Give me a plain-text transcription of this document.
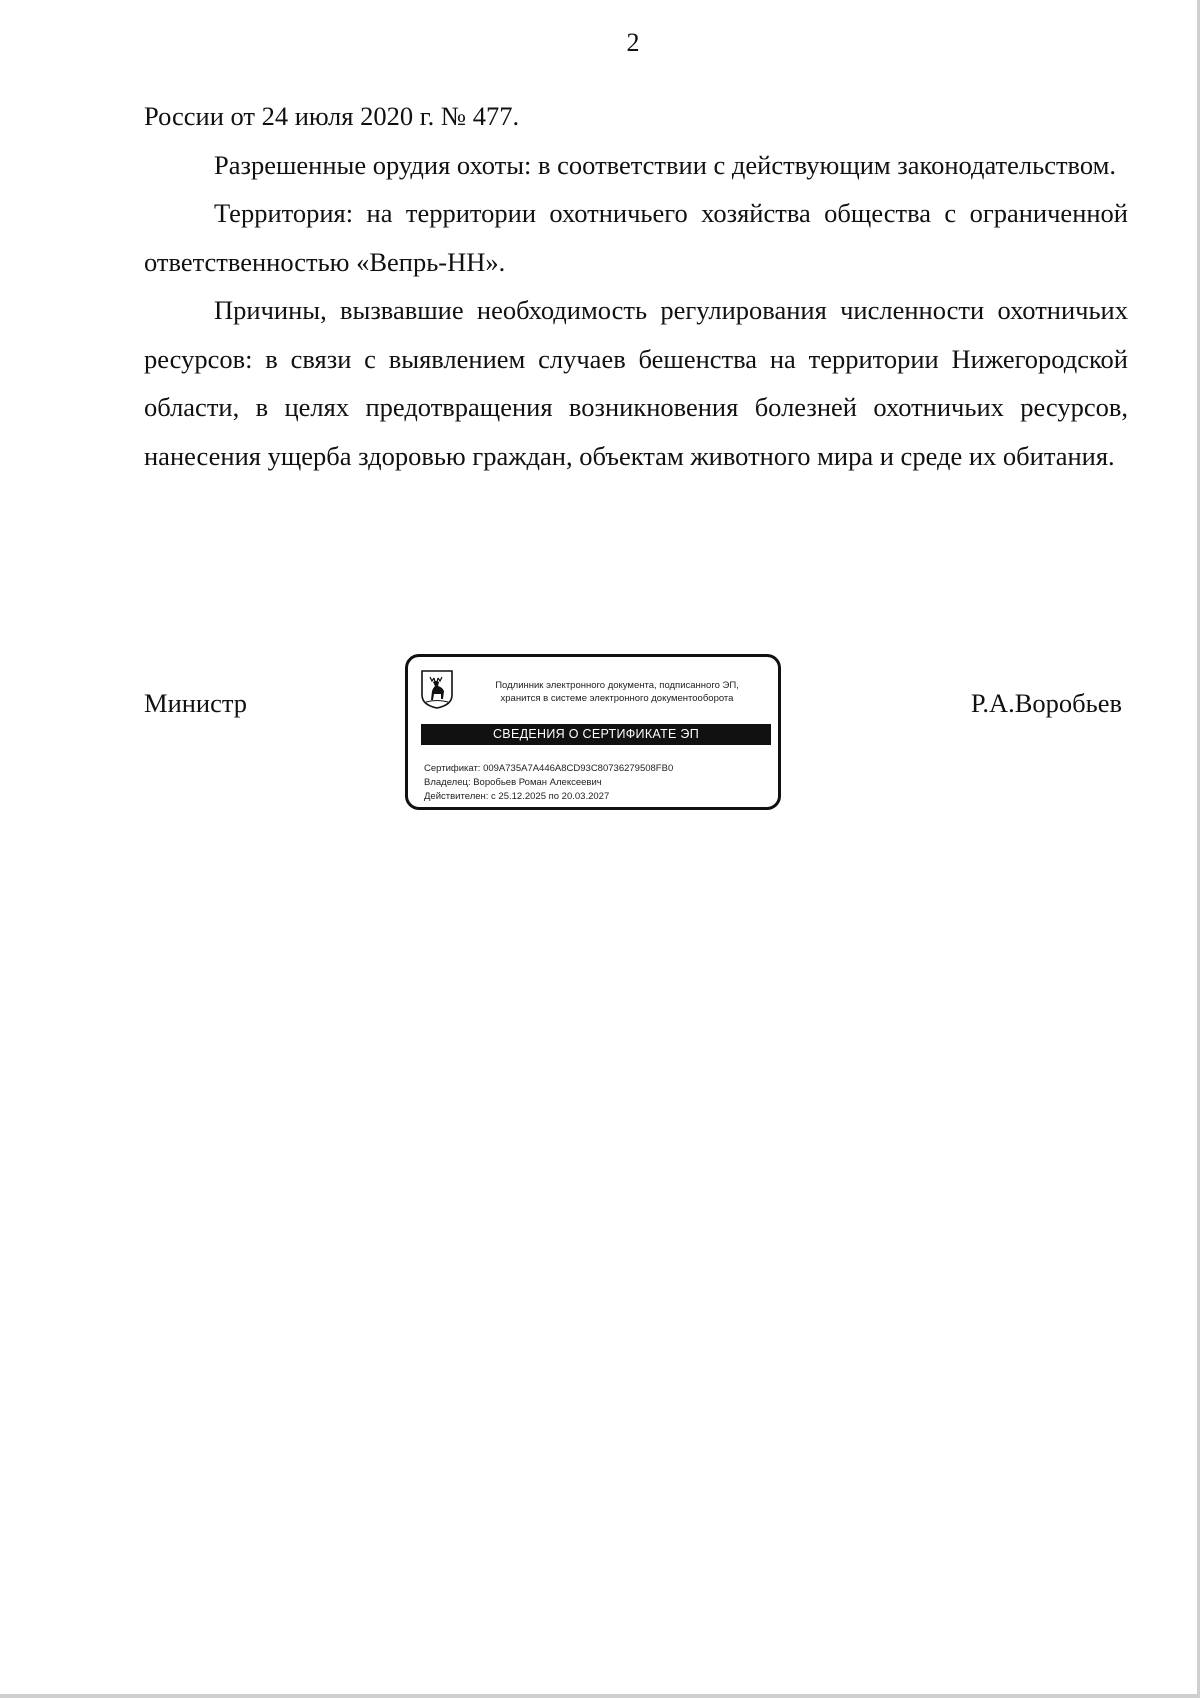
2

России от 24 июля 2020 г. № 477.

Разрешенные орудия охоты: в соответствии с действующим законодательством.

Территория: на территории охотничьего хозяйства общества с ограниченной ответственностью «Вепрь-НН».

Причины, вызвавшие необходимость регулирования численности охотничьих ресурсов: в связи с выявлением случаев бешенства на территории Нижегородской области, в целях предотвращения возникновения болезней охотничьих ресурсов, нанесения ущерба здоровью граждан, объектам животного мира и среде их обитания.

Министр
Подлинник электронного документа, подписанного ЭП,
хранится в системе электронного документооборота
СВЕДЕНИЯ О СЕРТИФИКАТЕ ЭП
Сертификат: 009A735A7A446A8CD93C80736279508FB0
Владелец: Воробьев Роман Алексеевич
Действителен: с 25.12.2025 по 20.03.2027
Р.А.Воробьев
